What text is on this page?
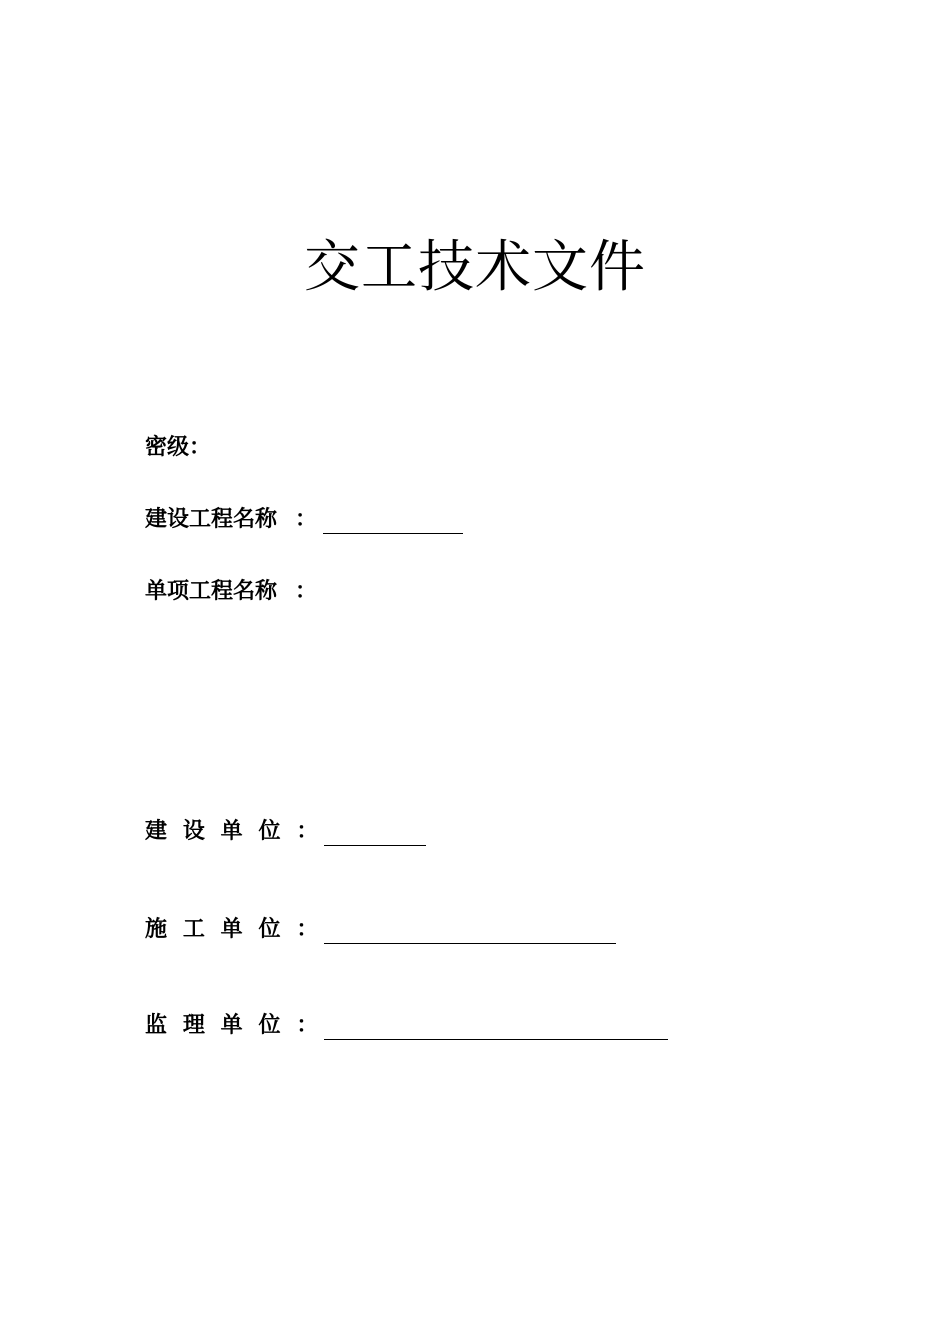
交工技术文件
密级：
建设工程名称 ：
单项工程名称 ：
建设单位 ：
施工单位 ：
监理单位 ：
